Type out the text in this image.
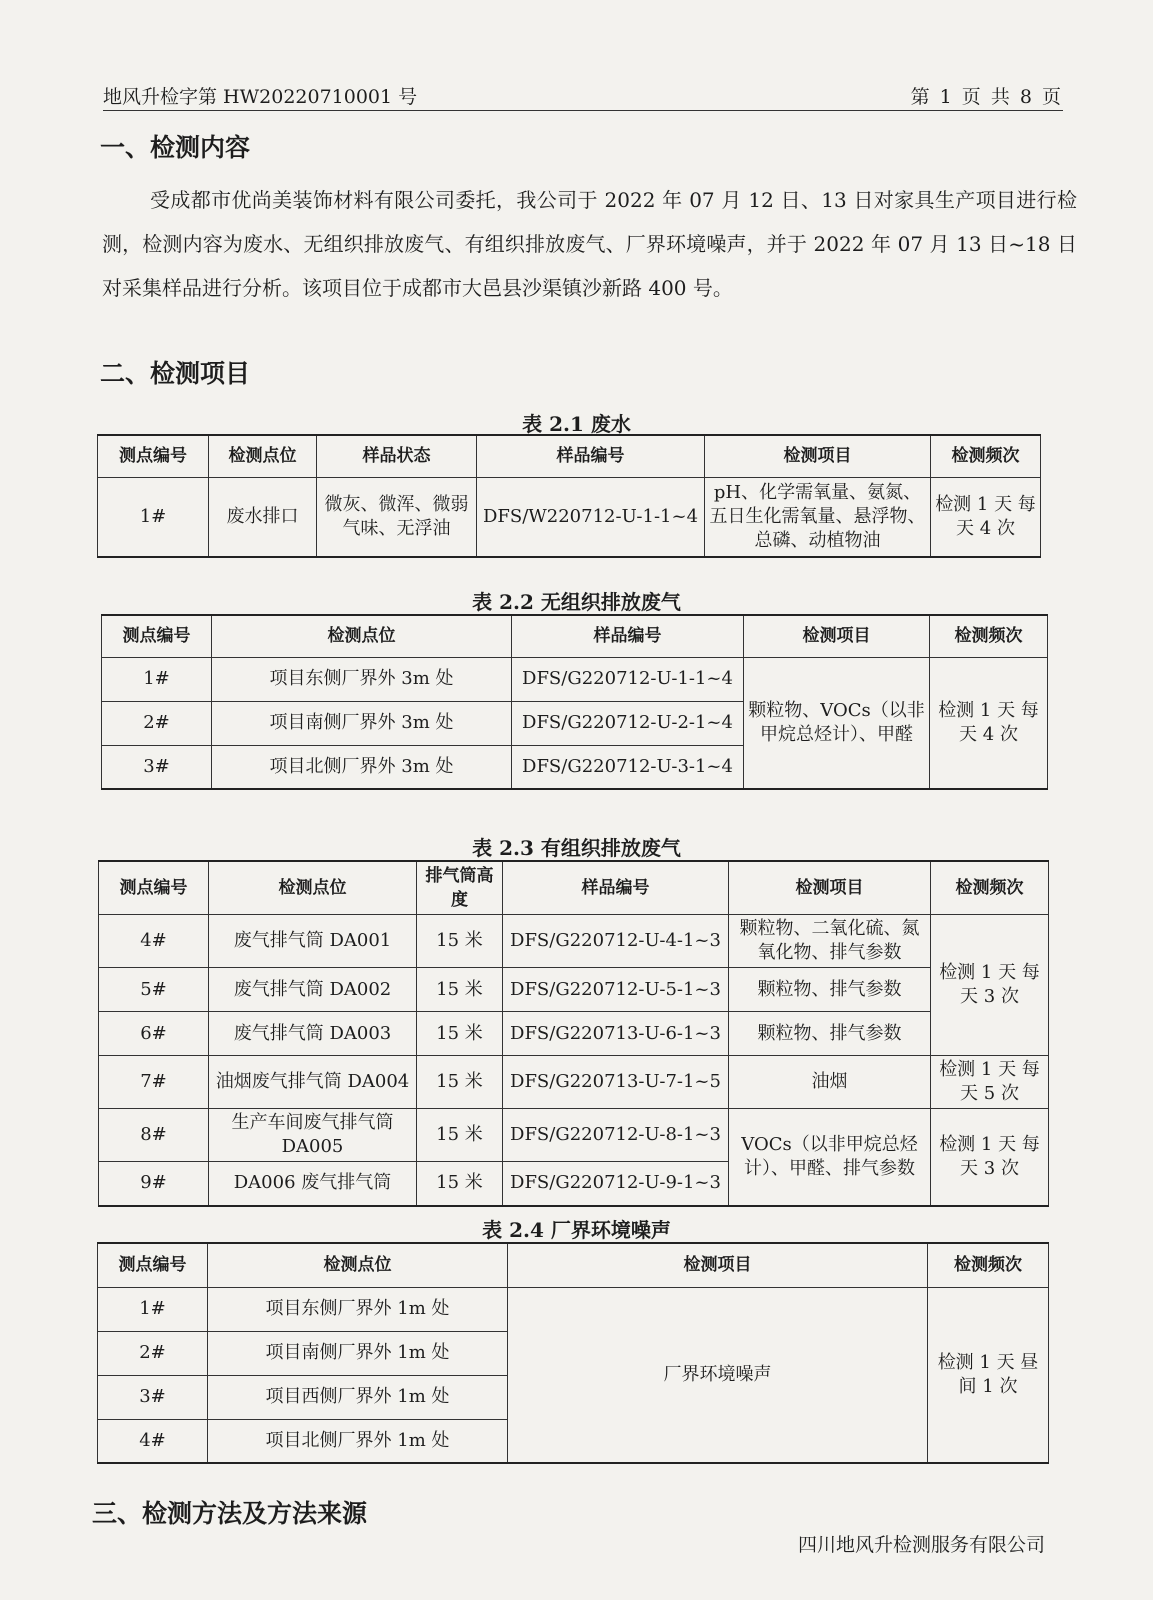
地风升检字第 HW20220710001 号	第 1 页 共 8 页
一、检测内容
受成都市优尚美装饰材料有限公司委托，我公司于 2022 年 07 月 12 日、13 日对家具生产项目进行检测，检测内容为废水、无组织排放废气、有组织排放废气、厂界环境噪声，并于 2022 年 07 月 13 日~18 日对采集样品进行分析。该项目位于成都市大邑县沙渠镇沙新路 400 号。
二、检测项目
表 2.1 废水
测点编号	检测点位	样品状态	样品编号	检测项目	检测频次
1#	废水排口	微灰、微浑、微弱气味、无浮油	DFS/W220712-U-1-1~4	pH、化学需氧量、氨氮、五日生化需氧量、悬浮物、总磷、动植物油	检测 1 天 每天 4 次
表 2.2 无组织排放废气
测点编号	检测点位	样品编号	检测项目	检测频次
1#	项目东侧厂界外 3m 处	DFS/G220712-U-1-1~4	颗粒物、VOCs（以非甲烷总烃计）、甲醛	检测 1 天 每天 4 次
2#	项目南侧厂界外 3m 处	DFS/G220712-U-2-1~4		
3#	项目北侧厂界外 3m 处	DFS/G220712-U-3-1~4		
表 2.3 有组织排放废气
测点编号	检测点位	排气筒高度	样品编号	检测项目	检测频次
4#	废气排气筒 DA001	15 米	DFS/G220712-U-4-1~3	颗粒物、二氧化硫、氮氧化物、排气参数	检测 1 天 每天 3 次
5#	废气排气筒 DA002	15 米	DFS/G220712-U-5-1~3	颗粒物、排气参数	
6#	废气排气筒 DA003	15 米	DFS/G220713-U-6-1~3	颗粒物、排气参数	
7#	油烟废气排气筒 DA004	15 米	DFS/G220713-U-7-1~5	油烟	检测 1 天 每天 5 次
8#	生产车间废气排气筒 DA005	15 米	DFS/G220712-U-8-1~3	VOCs（以非甲烷总烃计）、甲醛、排气参数	检测 1 天 每天 3 次
9#	DA006 废气排气筒	15 米	DFS/G220712-U-9-1~3		
表 2.4 厂界环境噪声
测点编号	检测点位	检测项目	检测频次
1#	项目东侧厂界外 1m 处	厂界环境噪声	检测 1 天 昼间 1 次
2#	项目南侧厂界外 1m 处		
3#	项目西侧厂界外 1m 处		
4#	项目北侧厂界外 1m 处		
三、检测方法及方法来源
四川地风升检测服务有限公司
